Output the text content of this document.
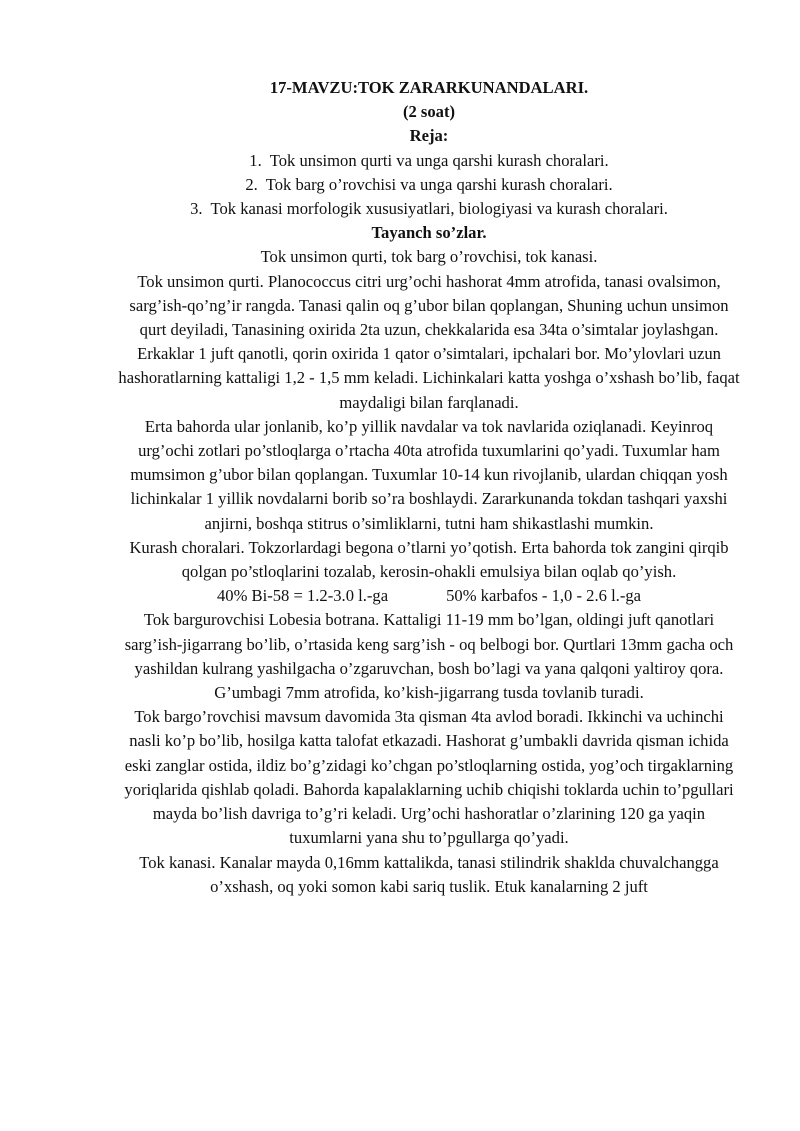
17-MAVZU:TOK ZARARKUNANDALARI.

(2 soat)

Reja:

1. Tok unsimon qurti va unga qarshi kurash choralari.
2. Tok barg o’rovchisi va unga qarshi kurash choralari.
3. Tok kanasi morfologik xususiyatlari, biologiyasi va kurash choralari.

Tayanch so’zlar.

Tok unsimon qurti, tok barg o’rovchisi, tok kanasi.

Tok unsimon qurti. Planococcus citri urg’ochi hashorat 4mm atrofida, tanasi ovalsimon, sarg’ish-qo’ng’ir rangda. Tanasi qalin oq g’ubor bilan qoplangan, Shuning uchun unsimon qurt deyiladi, Tanasining oxirida 2ta uzun, chekkalarida esa 34ta o’simtalar joylashgan. Erkaklar 1 juft qanotli, qorin oxirida 1 qator o’simtalari, ipchalari bor. Mo’ylovlari uzun hashoratlarning kattaligi 1,2 - 1,5 mm keladi. Lichinkalari katta yoshga o’xshash bo’lib, faqat maydaligi bilan farqlanadi.

Erta bahorda ular jonlanib, ko’p yillik navdalar va tok navlarida oziqlanadi. Keyinroq urg’ochi zotlari po’stloqlarga o’rtacha 40ta atrofida tuxumlarini qo’yadi. Tuxumlar ham mumsimon g’ubor bilan qoplangan. Tuxumlar 10-14 kun rivojlanib, ulardan chiqqan yosh lichinkalar 1 yillik novdalarni borib so’ra boshlaydi. Zararkunanda tokdan tashqari yaxshi anjirni, boshqa stitrus o’simliklarni, tutni ham shikastlashi mumkin.

Kurash choralari. Tokzorlardagi begona o’tlarni yo’qotish. Erta bahorda tok zangini qirqib qolgan po’stloqlarini tozalab, kerosin-ohakli emulsiya bilan oqlab qo’yish.

40% Bi-58 = 1.2-3.0 l.-ga	50% karbafos - 1,0 - 2.6 l.-ga

Tok bargurovchisi Lobesia botrana. Kattaligi 11-19 mm bo’lgan, oldingi juft qanotlari sarg’ish-jigarrang bo’lib, o’rtasida keng sarg’ish - oq belbogi bor. Qurtlari 13mm gacha och yashildan kulrang yashilgacha o’zgaruvchan, bosh bo’lagi va yana qalqoni yaltiroy qora. G’umbagi 7mm atrofida, ko’kish-jigarrang tusda tovlanib turadi.

Tok bargo’rovchisi mavsum davomida 3ta qisman 4ta avlod boradi. Ikkinchi va uchinchi nasli ko’p bo’lib, hosilga katta talofat etkazadi. Hashorat g’umbakli davrida qisman ichida eski zanglar ostida, ildiz bo’g’zidagi ko’chgan po’stloqlarning ostida, yog’och tirgaklarning yoriqlarida qishlab qoladi. Bahorda kapalaklarning uchib chiqishi toklarda uchin to’pgullari mayda bo’lish davriga to’g’ri keladi. Urg’ochi hashoratlar o’zlarining 120 ga yaqin tuxumlarni yana shu to’pgullarga qo’yadi.

Tok kanasi. Kanalar mayda 0,16mm kattalikda, tanasi stilindrik shaklda chuvalchangga o’xshash, oq yoki somon kabi sariq tuslik. Etuk kanalarning 2 juft
